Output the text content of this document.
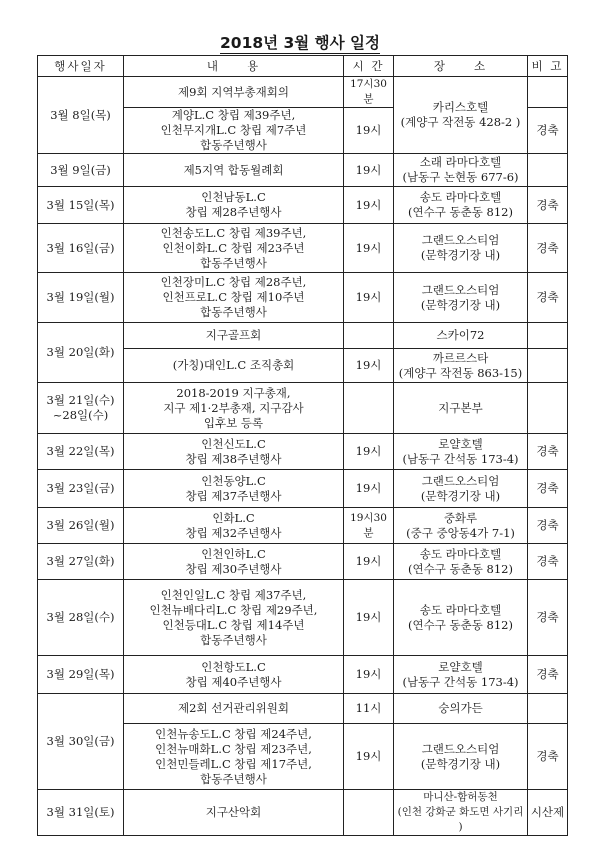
2018년 3월 행사 일정
행사일자	내　　용	시 간	장　　소	비 고
3월 8일(목)	제9회 지역부총재회의	17시30분	카리스호텔
(계양구 작전동 428-2 )	
	계양L.C 창립 제39주년,
인천무지개L.C 창립 제7주년
합동주년행사	19시		경축
3월 9일(금)	제5지역 합동월례회	19시	소래 라마다호텔
(남동구 논현동 677-6)	
3월 15일(목)	인천남동L.C
창립 제28주년행사	19시	송도 라마다호텔
(연수구 동춘동 812)	경축
3월 16일(금)	인천송도L.C 창립 제39주년,
인천이화L.C 창립 제23주년
합동주년행사	19시	그랜드오스티엄
(문학경기장 내)	경축
3월 19일(월)	인천장미L.C 창립 제28주년,
인천프로L.C 창립 제10주년
합동주년행사	19시	그랜드오스티엄
(문학경기장 내)	경축
3월 20일(화)	지구골프회		스카이72	
	(가칭)대인L.C 조직총회	19시	까르르스타
(계양구 작전동 863-15)	
3월 21일(수)
~28일(수)	2018-2019 지구총재,
지구 제1·2부총재, 지구감사
입후보 등록		지구본부	
3월 22일(목)	인천신도L.C
창립 제38주년행사	19시	로얄호텔
(남동구 간석동 173-4)	경축
3월 23일(금)	인천동양L.C
창립 제37주년행사	19시	그랜드오스티엄
(문학경기장 내)	경축
3월 26일(월)	인화L.C
창립 제32주년행사	19시30분	중화루
(중구 중앙동4가 7-1)	경축
3월 27일(화)	인천인하L.C
창립 제30주년행사	19시	송도 라마다호텔
(연수구 동춘동 812)	경축
3월 28일(수)	인천인일L.C 창립 제37주년,
인천뉴배다리L.C 창립 제29주년,
인천등대L.C 창립 제14주년
합동주년행사	19시	송도 라마다호텔
(연수구 동춘동 812)	경축
3월 29일(목)	인천항도L.C
창립 제40주년행사	19시	로얄호텔
(남동구 간석동 173-4)	경축
3월 30일(금)	제2회 선거관리위원회	11시	숭의가든	
	인천뉴송도L.C 창립 제24주년,
인천뉴매화L.C 창립 제23주년,
인천민들레L.C 창립 제17주년,
합동주년행사	19시	그랜드오스티엄
(문학경기장 내)	경축
3월 31일(토)	지구산악회		마니산-함허동천
(인천 강화군 화도면 사기리 )	시산제
